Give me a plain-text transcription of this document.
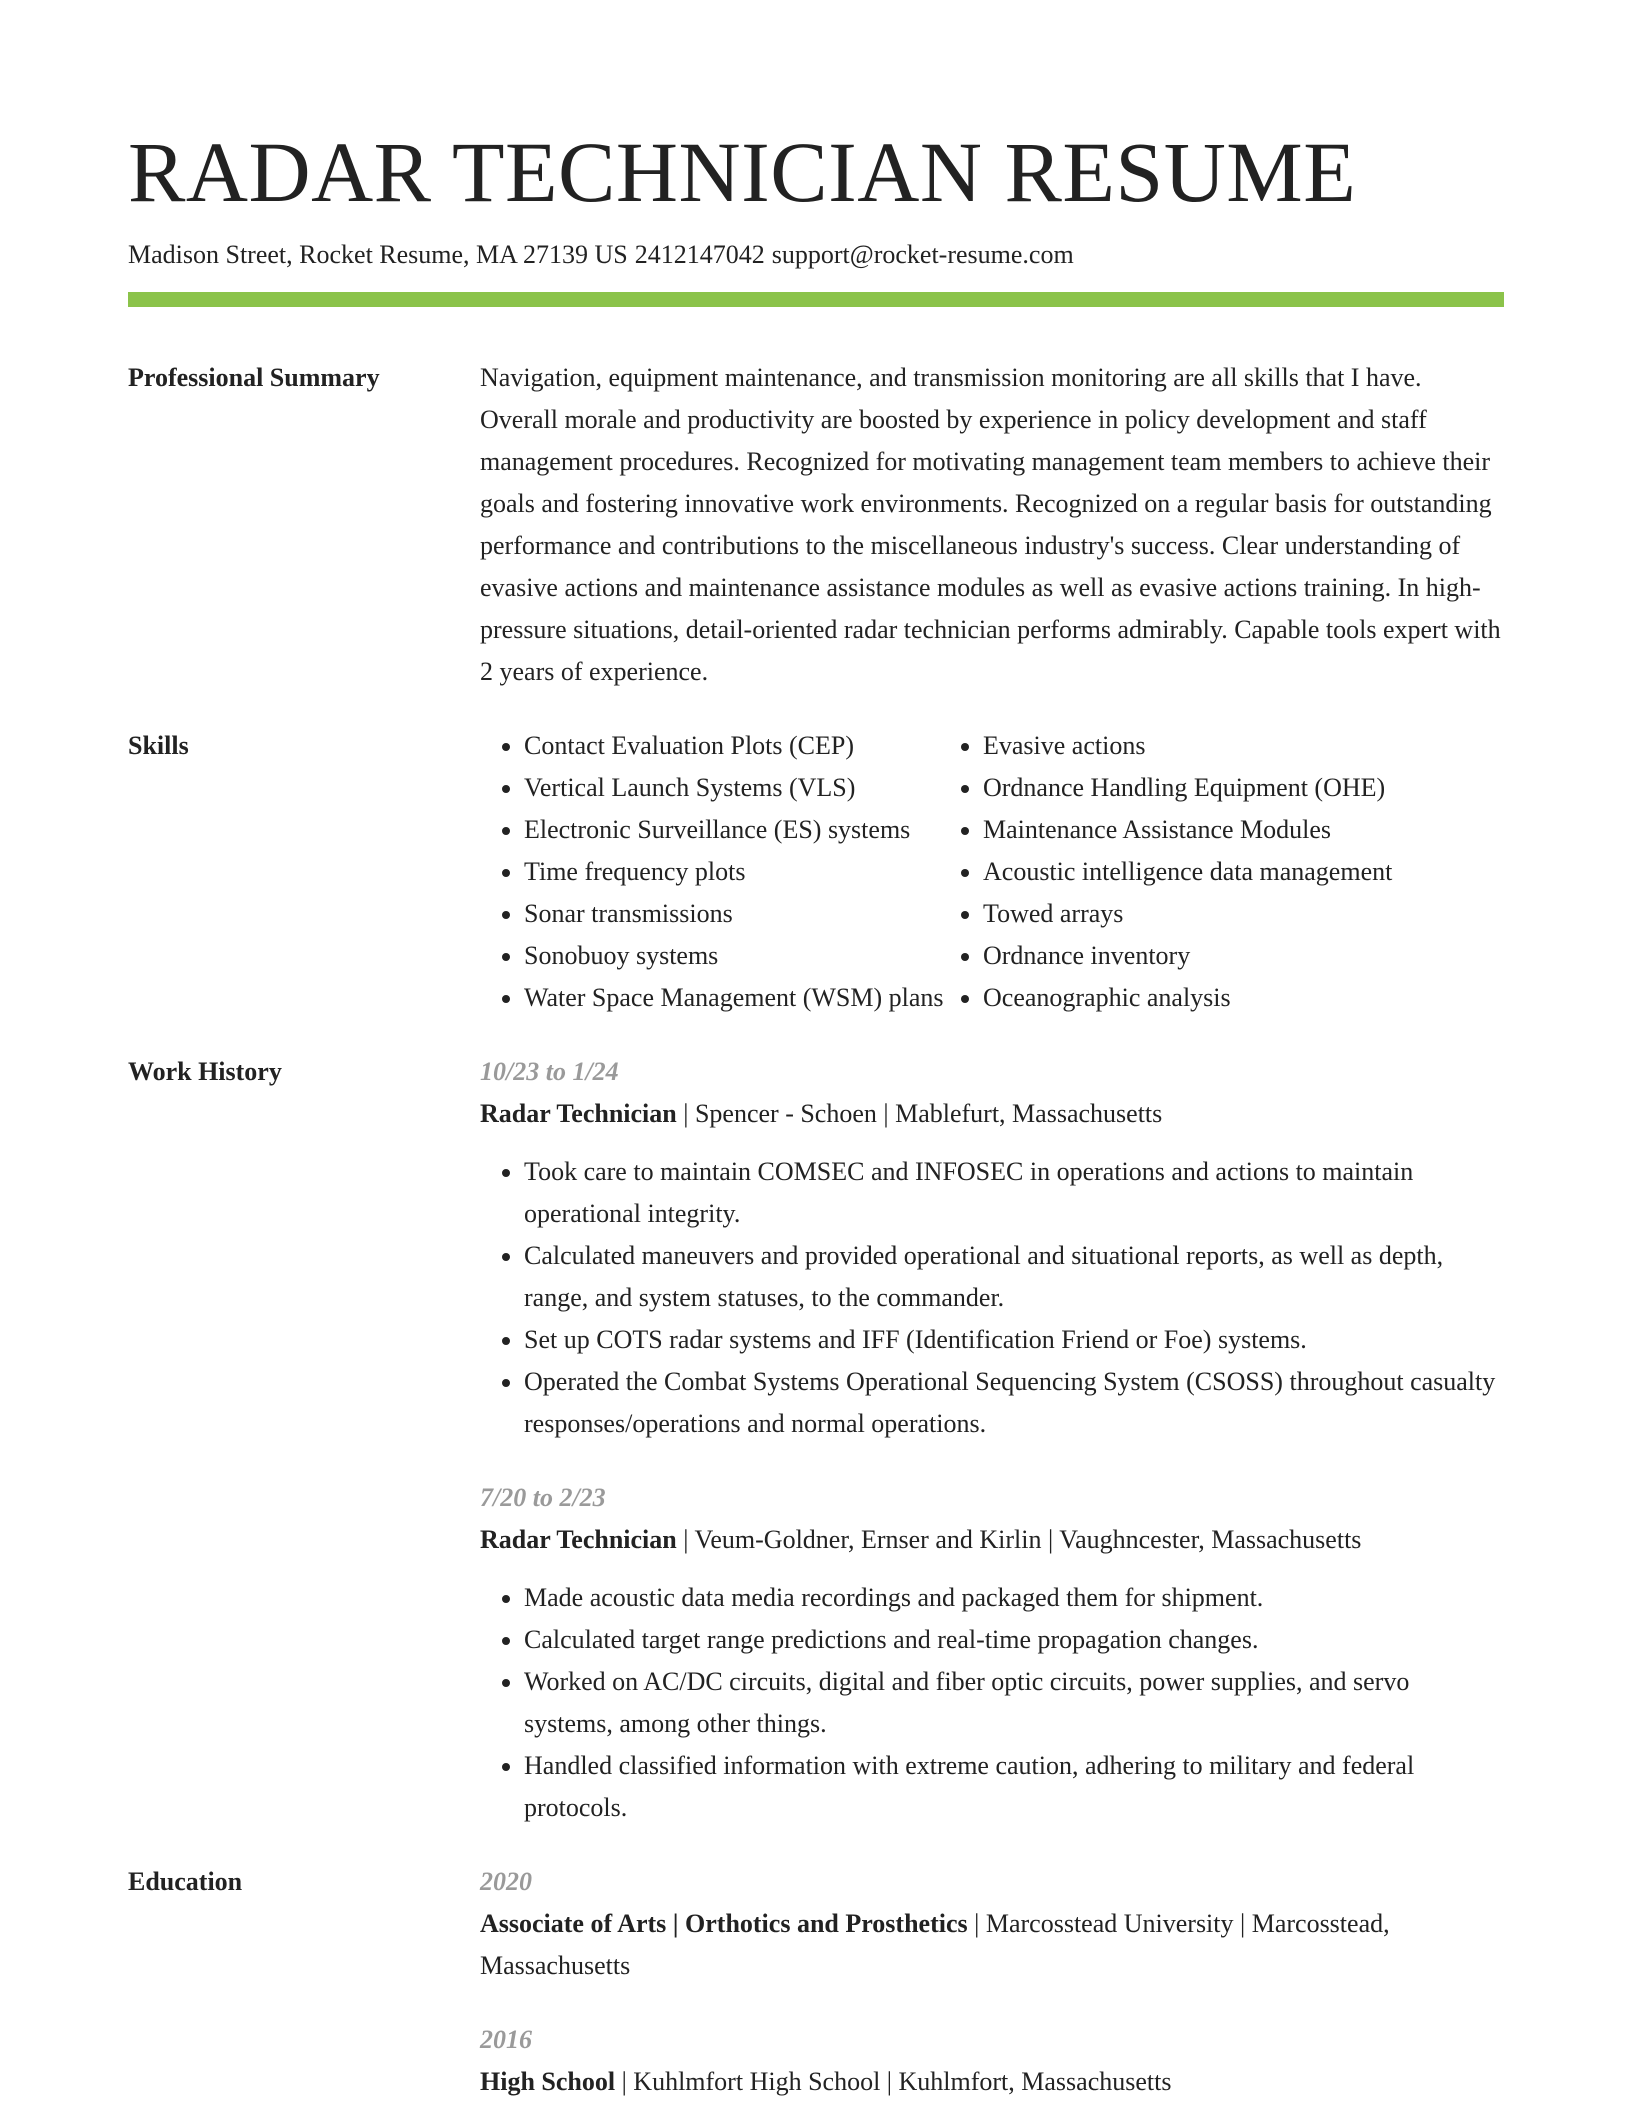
RADAR TECHNICIAN RESUME
Madison Street, Rocket Resume, MA 27139 US 2412147042 support@rocket-resume.com
Professional Summary	Navigation, equipment maintenance, and transmission monitoring are all skills that I have. Overall morale and productivity are boosted by experience in policy development and staff management procedures. Recognized for motivating management team members to achieve their goals and fostering innovative work environments. Recognized on a regular basis for outstanding performance and contributions to the miscellaneous industry's success. Clear understanding of evasive actions and maintenance assistance modules as well as evasive actions training. In high-pressure situations, detail-oriented radar technician performs admirably. Capable tools expert with 2 years of experience.

Skills
•	Contact Evaluation Plots (CEP)
• Vertical Launch Systems (VLS)
• Electronic Surveillance (ES) systems
• Time frequency plots
• Sonar transmissions
• Sonobuoy systems
• Water Space Management (WSM) plans
• Evasive actions
• Ordnance Handling Equipment (OHE)
• Maintenance Assistance Modules
• Acoustic intelligence data management
• Towed arrays
• Ordnance inventory
• Oceanographic analysis
Work History	10/23 to 1/24
Radar Technician | Spencer - Schoen | Mablefurt, Massachusetts
• Took care to maintain COMSEC and INFOSEC in operations and actions to maintain operational integrity.
• Calculated maneuvers and provided operational and situational reports, as well as depth, range, and system statuses, to the commander.
• Set up COTS radar systems and IFF (Identification Friend or Foe) systems.
• Operated the Combat Systems Operational Sequencing System (CSOSS) throughout casualty responses/operations and normal operations.
7/20 to 2/23
Radar Technician | Veum-Goldner, Ernser and Kirlin | Vaughncester, Massachusetts
• Made acoustic data media recordings and packaged them for shipment.
• Calculated target range predictions and real-time propagation changes.
• Worked on AC/DC circuits, digital and fiber optic circuits, power supplies, and servo systems, among other things.
• Handled classified information with extreme caution, adhering to military and federal protocols.
Education	2020
Associate of Arts | Orthotics and Prosthetics | Marcosstead University | Marcosstead, Massachusetts
2016
High School | Kuhlmfort High School | Kuhlmfort, Massachusetts
